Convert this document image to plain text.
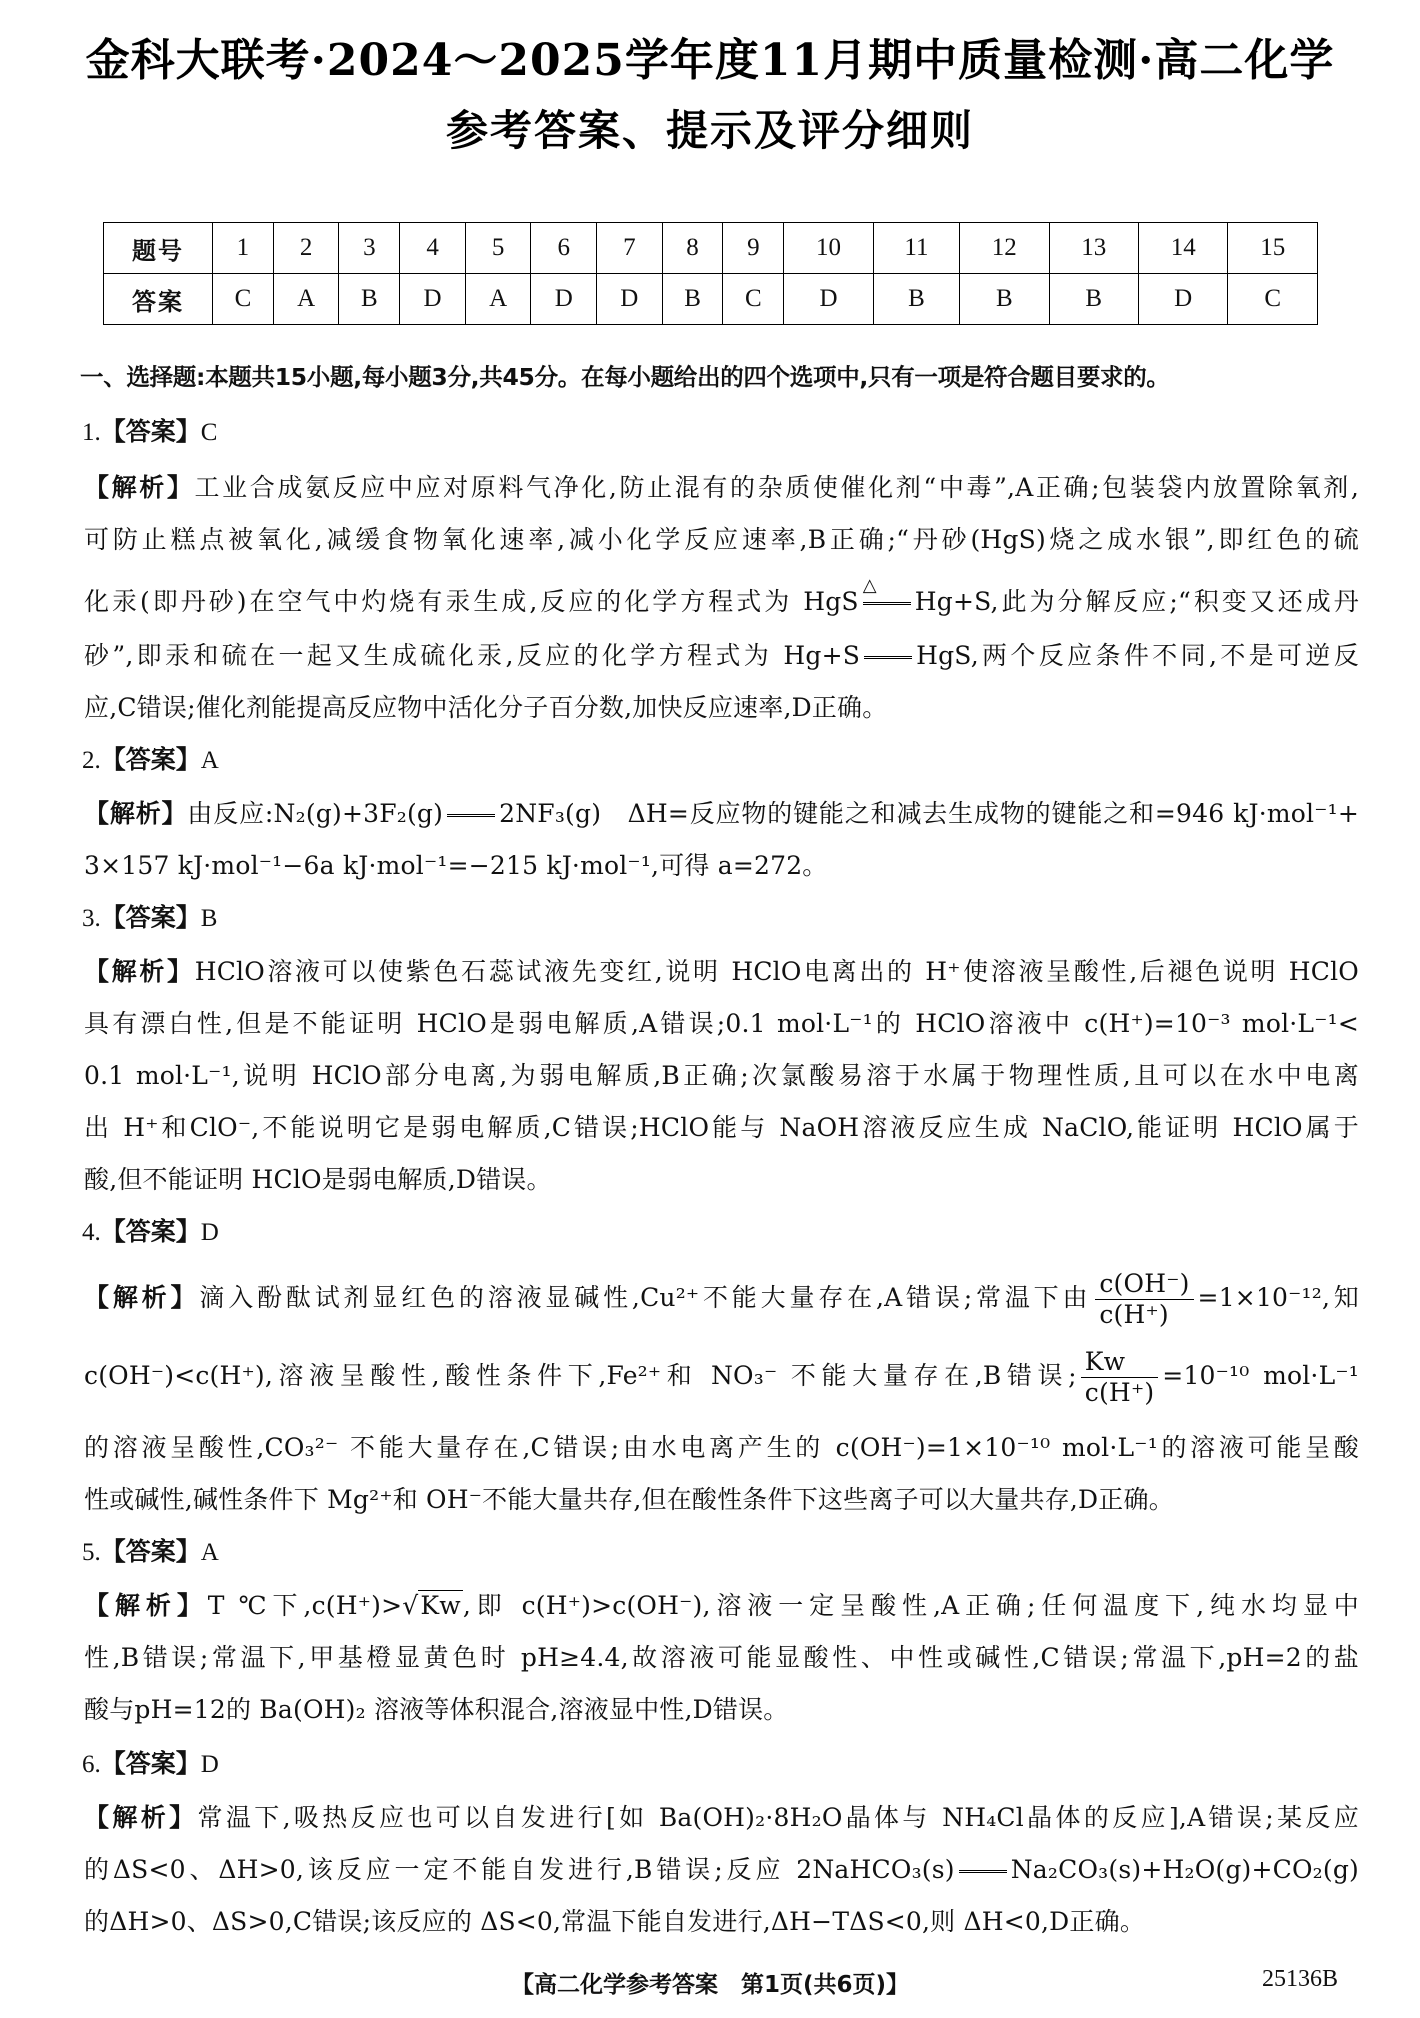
金科大联考·2024～2025学年度11月期中质量检测·高二化学
参考答案、提示及评分细则
题号	1	2	3	4	5	6	7	8	9	10	11	12	13	14	15
答案	C	A	B	D	A	D	D	B	C	D	B	B	B	D	C
一、选择题:本题共15小题,每小题3分,共45分。在每小题给出的四个选项中,只有一项是符合题目要求的。
1.【答案】C
【解析】工业合成氨反应中应对原料气净化,防止混有的杂质使催化剂“中毒”,A正确;包装袋内放置除氧剂,
可防止糕点被氧化,减缓食物氧化速率,减小化学反应速率,B正确;“丹砂(HgS)烧之成水银”,即红色的硫
化汞(即丹砂)在空气中灼烧有汞生成,反应的化学方程式为 HgS
△
Hg+S,此为分解反应;“积变又还成丹
砂”,即汞和硫在一起又生成硫化汞,反应的化学方程式为 Hg+S HgS,两个反应条件不同,不是可逆反
应,C错误;催化剂能提高反应物中活化分子百分数,加快反应速率,D正确。
2.【答案】A
【解析】由反应:N₂(g)+3F₂(g) 2NF₃(g)　ΔH=反应物的键能之和减去生成物的键能之和=946 kJ·mol⁻¹+
3×157 kJ·mol⁻¹−6a kJ·mol⁻¹=−215 kJ·mol⁻¹,可得 a=272。
3.【答案】B
【解析】HClO溶液可以使紫色石蕊试液先变红,说明 HClO电离出的 H⁺使溶液呈酸性,后褪色说明 HClO
具有漂白性,但是不能证明 HClO是弱电解质,A错误;0.1 mol·L⁻¹的 HClO溶液中 c(H⁺)=10⁻³ mol·L⁻¹<
0.1 mol·L⁻¹,说明 HClO部分电离,为弱电解质,B正确;次氯酸易溶于水属于物理性质,且可以在水中电离
出 H⁺和ClO⁻,不能说明它是弱电解质,C错误;HClO能与 NaOH溶液反应生成 NaClO,能证明 HClO属于
酸,但不能证明 HClO是弱电解质,D错误。
4.【答案】D
【解析】滴入酚酞试剂显红色的溶液显碱性,Cu²⁺不能大量存在,A错误;常温下由 $\frac{c(OH^-)}{c(H^+)} =1\times 10^{-12}$,知
c(OH⁻)<c(H⁺),溶液呈酸性,酸性条件下,Fe²⁺和 NO₃⁻ 不能大量存在,B错误; $\frac{Kw}{c(H^+)} =10^{-10}$ mol·L⁻¹
的溶液呈酸性,CO₃²⁻ 不能大量存在,C错误;由水电离产生的 c(OH⁻)=1×10⁻¹⁰ mol·L⁻¹的溶液可能呈酸
性或碱性,碱性条件下 Mg²⁺和 OH⁻不能大量共存,但在酸性条件下这些离子可以大量共存,D正确。
5.【答案】A
【解析】T ℃下,c(H⁺)>√Kw,即 c(H⁺)>c(OH⁻),溶液一定呈酸性,A正确;任何温度下,纯水均显中
性,B错误;常温下,甲基橙显黄色时 pH≥4.4,故溶液可能显酸性、中性或碱性,C错误;常温下,pH=2的盐
酸与pH=12的 Ba(OH)₂ 溶液等体积混合,溶液显中性,D错误。
6.【答案】D
【解析】常温下,吸热反应也可以自发进行[如 Ba(OH)₂·8H₂O晶体与 NH₄Cl晶体的反应],A错误;某反应
的ΔS<0、ΔH>0,该反应一定不能自发进行,B错误;反应 2NaHCO₃(s) Na₂CO₃(s)+H₂O(g)+CO₂(g)
的ΔH>0、ΔS>0,C错误;该反应的 ΔS<0,常温下能自发进行,ΔH−TΔS<0,则 ΔH<0,D正确。
【高二化学参考答案　第1页(共6页)】	25136B
